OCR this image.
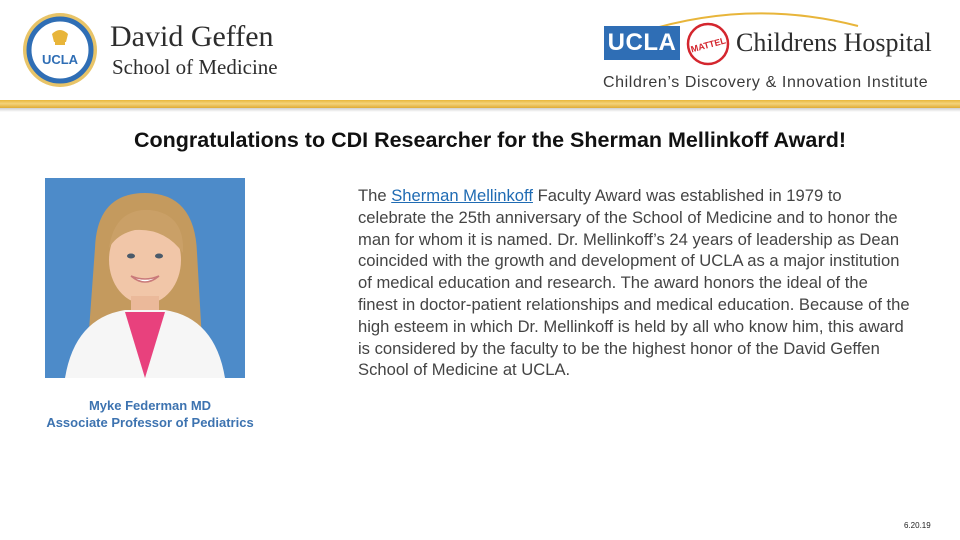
UCLA
David Geffen
School of Medicine
UCLA	MATTEL Childrens Hospital
Children’s Discovery & Innovation Institute
Congratulations to CDI Researcher for the Sherman Mellinkoff Award!
Myke Federman MD
Associate Professor of Pediatrics
The Sherman Mellinkoff Faculty Award was established in 1979 to celebrate the 25th anniversary of the School of Medicine and to honor the man for whom it is named. Dr. Mellinkoff’s 24 years of leadership as Dean coincided with the growth and development of UCLA as a major institution of medical education and research. The award honors the ideal of the finest in doctor-patient relationships and medical education. Because of the high esteem in which Dr. Mellinkoff is held by all who know him, this award is considered by the faculty to be the highest honor of the David Geffen School of Medicine at UCLA.
6.20.19
